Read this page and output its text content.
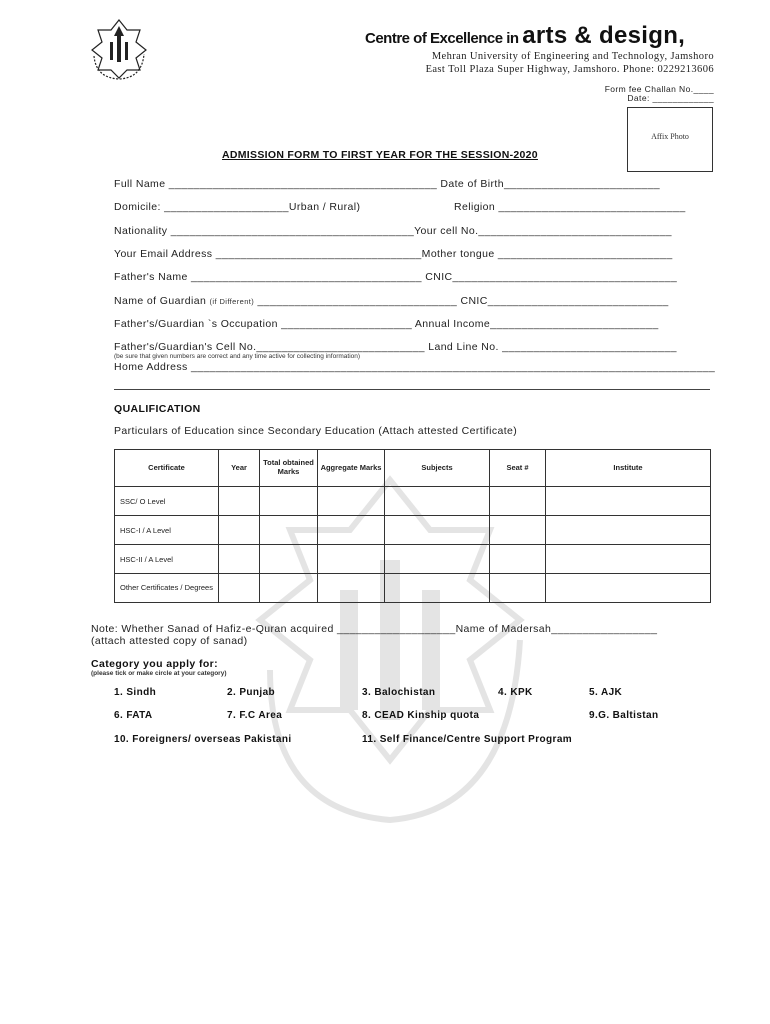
Centre of Excellence in arts & design,
Mehran University of Engineering and Technology, Jamshoro
East Toll Plaza Super Highway, Jamshoro. Phone: 0229213606
Form fee Challan No.____
Date: ____________
Affix Photo
ADMISSION FORM TO FIRST YEAR FOR THE SESSION-2020
Full Name ___________________________________________ Date of Birth_________________________
Domicile: ____________________Urban / Rural)	Religion ______________________________
Nationality _______________________________________Your cell No._______________________________
Your Email Address _________________________________Mother tongue ____________________________
Father's Name _____________________________________ CNIC____________________________________
Name of Guardian (if Different) ________________________________ CNIC_____________________________
Father's/Guardian `s Occupation _____________________ Annual Income___________________________
Father's/Guardian's Cell No.___________________________ Land Line No. ____________________________
(be sure that given numbers are correct and any time active for collecting information)
Home Address ____________________________________________________________________________________
QUALIFICATION
Particulars of Education since Secondary Education (Attach attested Certificate)
Certificate	Year	Total obtained Marks	Aggregate Marks	Subjects	Seat #	Institute
SSC/ O Level						
HSC-I / A Level						
HSC-II / A Level						
Other Certificates / Degrees						
Note: Whether Sanad of Hafiz-e-Quran acquired ___________________Name of Madersah_________________
(attach attested copy of sanad)
Category you apply for:
(please tick or make circle at your category)
1. Sindh	2. Punjab	3. Balochistan	4. KPK	5. AJK
6. FATA	7. F.C Area	8. CEAD Kinship quota	9.G. Baltistan
10. Foreigners/ overseas Pakistani	11. Self Finance/Centre Support Program
